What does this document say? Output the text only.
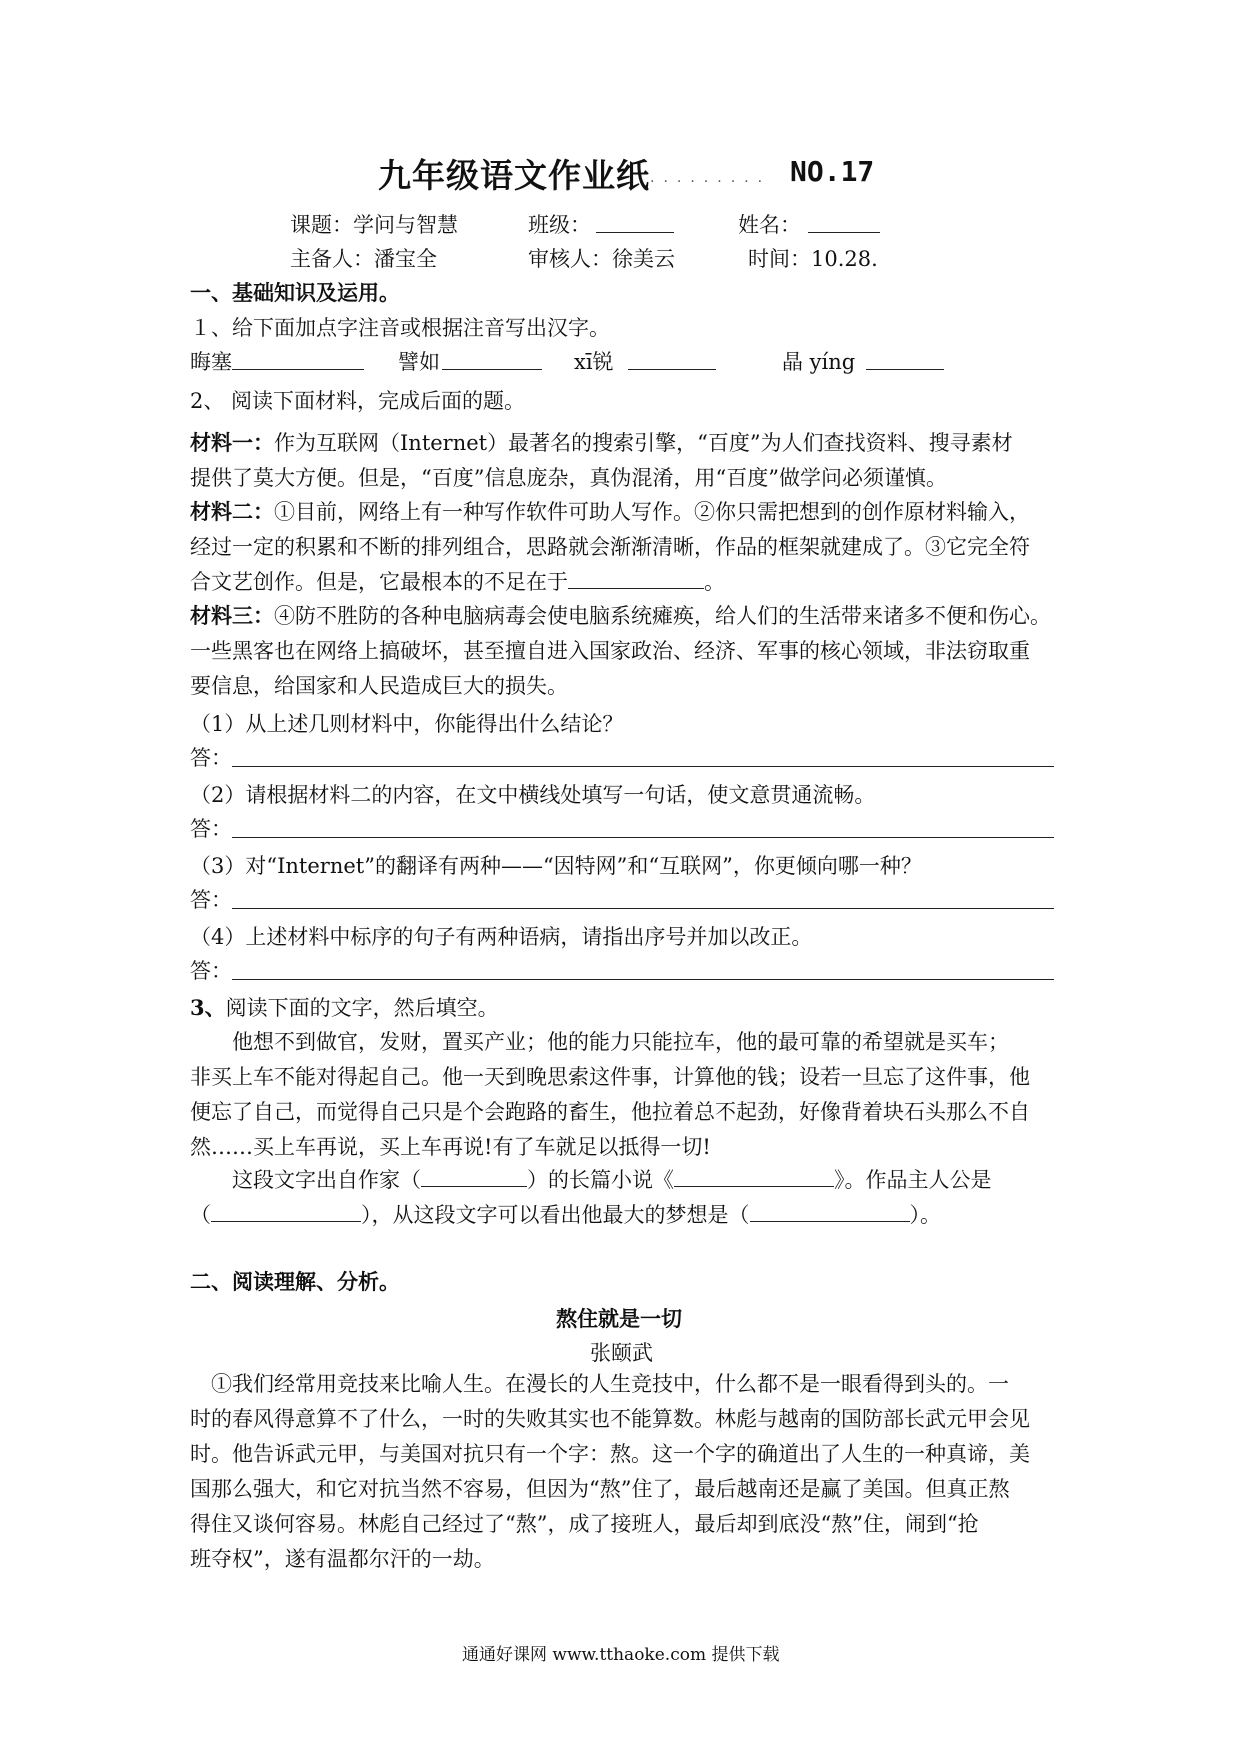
九年级语文作业纸 ......... NO.17
课题：学问与智慧	班级：	姓名：
主备人：潘宝全	审核人：徐美云	时间：10.28.
一、基础知识及运用。
１、给下面加点字注音或根据注音写出汉字。
晦塞	譬如	xī锐	晶 yíng
2、 阅读下面材料，完成后面的题。
材料一：作为互联网（Internet）最著名的搜索引擎，“百度”为人们查找资料、搜寻素材
提供了莫大方便。但是，“百度”信息庞杂，真伪混淆，用“百度”做学问必须谨慎。
材料二：①目前，网络上有一种写作软件可助人写作。②你只需把想到的创作原材料输入，
经过一定的积累和不断的排列组合，思路就会渐渐清晰，作品的框架就建成了。③它完全符
合文艺创作。但是，它最根本的不足在于	。
材料三：④防不胜防的各种电脑病毒会使电脑系统瘫痪，给人们的生活带来诸多不便和伤心。
一些黑客也在网络上搞破坏，甚至擅自进入国家政治、经济、军事的核心领域，非法窃取重
要信息，给国家和人民造成巨大的损失。
（1）从上述几则材料中，你能得出什么结论？
答：
（2）请根据材料二的内容，在文中横线处填写一句话，使文意贯通流畅。
答：
（3）对“Internet”的翻译有两种——“因特网”和“互联网”，你更倾向哪一种？
答：
（4）上述材料中标序的句子有两种语病，请指出序号并加以改正。
答：
3、阅读下面的文字，然后填空。
他想不到做官，发财，置买产业；他的能力只能拉车，他的最可靠的希望就是买车；
非买上车不能对得起自己。他一天到晚思索这件事，计算他的钱；设若一旦忘了这件事，他
便忘了自己，而觉得自己只是个会跑路的畜生，他拉着总不起劲，好像背着块石头那么不自
然……买上车再说，买上车再说!有了车就足以抵得一切!
这段文字出自作家（	）的长篇小说《	》。作品主人公是
（	），从这段文字可以看出他最大的梦想是（	）。
二、阅读理解、分析。
熬住就是一切
张颐武
①我们经常用竞技来比喻人生。在漫长的人生竞技中，什么都不是一眼看得到头的。一
时的春风得意算不了什么，一时的失败其实也不能算数。林彪与越南的国防部长武元甲会见
时。他告诉武元甲，与美国对抗只有一个字：熬。这一个字的确道出了人生的一种真谛，美
国那么强大，和它对抗当然不容易，但因为“熬”住了，最后越南还是赢了美国。但真正熬
得住又谈何容易。林彪自己经过了“熬”，成了接班人，最后却到底没“熬”住，闹到“抢
班夺权”，遂有温都尔汗的一劫。
通通好课网 www.tthaoke.com 提供下载
